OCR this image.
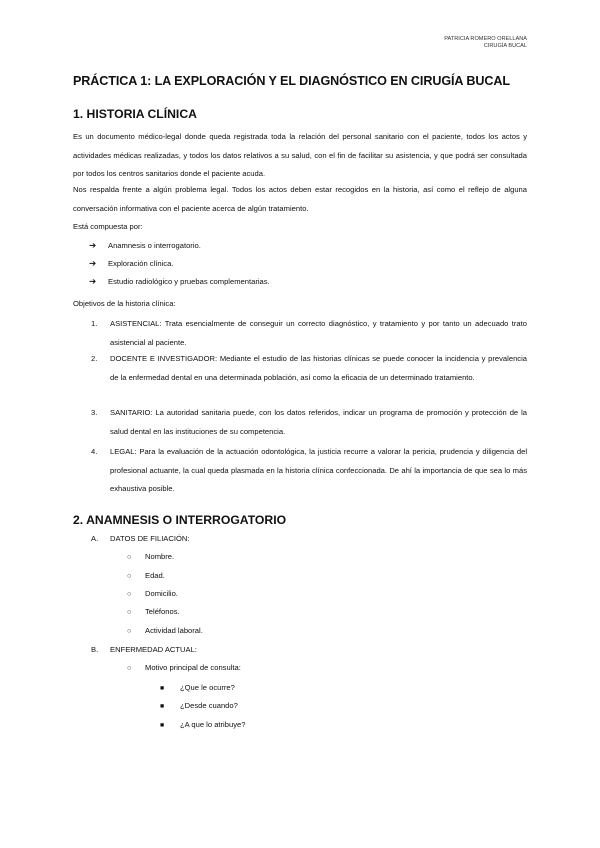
PATRICIA ROMERO ORELLANA
CIRUGÍA BUCAL
PRÁCTICA 1: LA EXPLORACIÓN Y EL DIAGNÓSTICO EN CIRUGÍA BUCAL
1. HISTORIA CLÍNICA
Es un documento médico-legal donde queda registrada toda la relación del personal sanitario con el paciente, todos los actos y actividades médicas realizadas, y todos los datos relativos a su salud, con el fin de facilitar su asistencia, y que podrá ser consultada por todos los centros sanitarios donde el paciente acuda.
Nos respalda frente a algún problema legal. Todos los actos deben estar recogidos en la historia, así como el reflejo de alguna conversación informativa con el paciente acerca de algún tratamiento.
Está compuesta por:
➔ Anamnesis o interrogatorio.
➔ Exploración clínica.
➔ Estudio radiológico y pruebas complementarias.
Objetivos de la historia clínica:
1. ASISTENCIAL: Trata esencialmente de conseguir un correcto diagnóstico, y tratamiento y por tanto un adecuado trato asistencial al paciente.
2. DOCENTE E INVESTIGADOR: Mediante el estudio de las historias clínicas se puede conocer la incidencia y prevalencia de la enfermedad dental en una determinada población, así como la eficacia de un determinado tratamiento.
3. SANITARIO: La autoridad sanitaria puede, con los datos referidos, indicar un programa de promoción y protección de la salud dental en las instituciones de su competencia.
4. LEGAL: Para la evaluación de la actuación odontológica, la justicia recurre a valorar la pericia, prudencia y diligencia del profesional actuante, la cual queda plasmada en la historia clínica confeccionada. De ahí la importancia de que sea lo más exhaustiva posible.
2. ANAMNESIS O INTERROGATORIO
A. DATOS DE FILIACIÓN:
○ Nombre.
○ Edad.
○ Domicilio.
○ Teléfonos.
○ Actividad laboral.
B. ENFERMEDAD ACTUAL:
○ Motivo principal de consulta:
■ ¿Que le ocurre?
■ ¿Desde cuando?
■ ¿A que lo atribuye?
